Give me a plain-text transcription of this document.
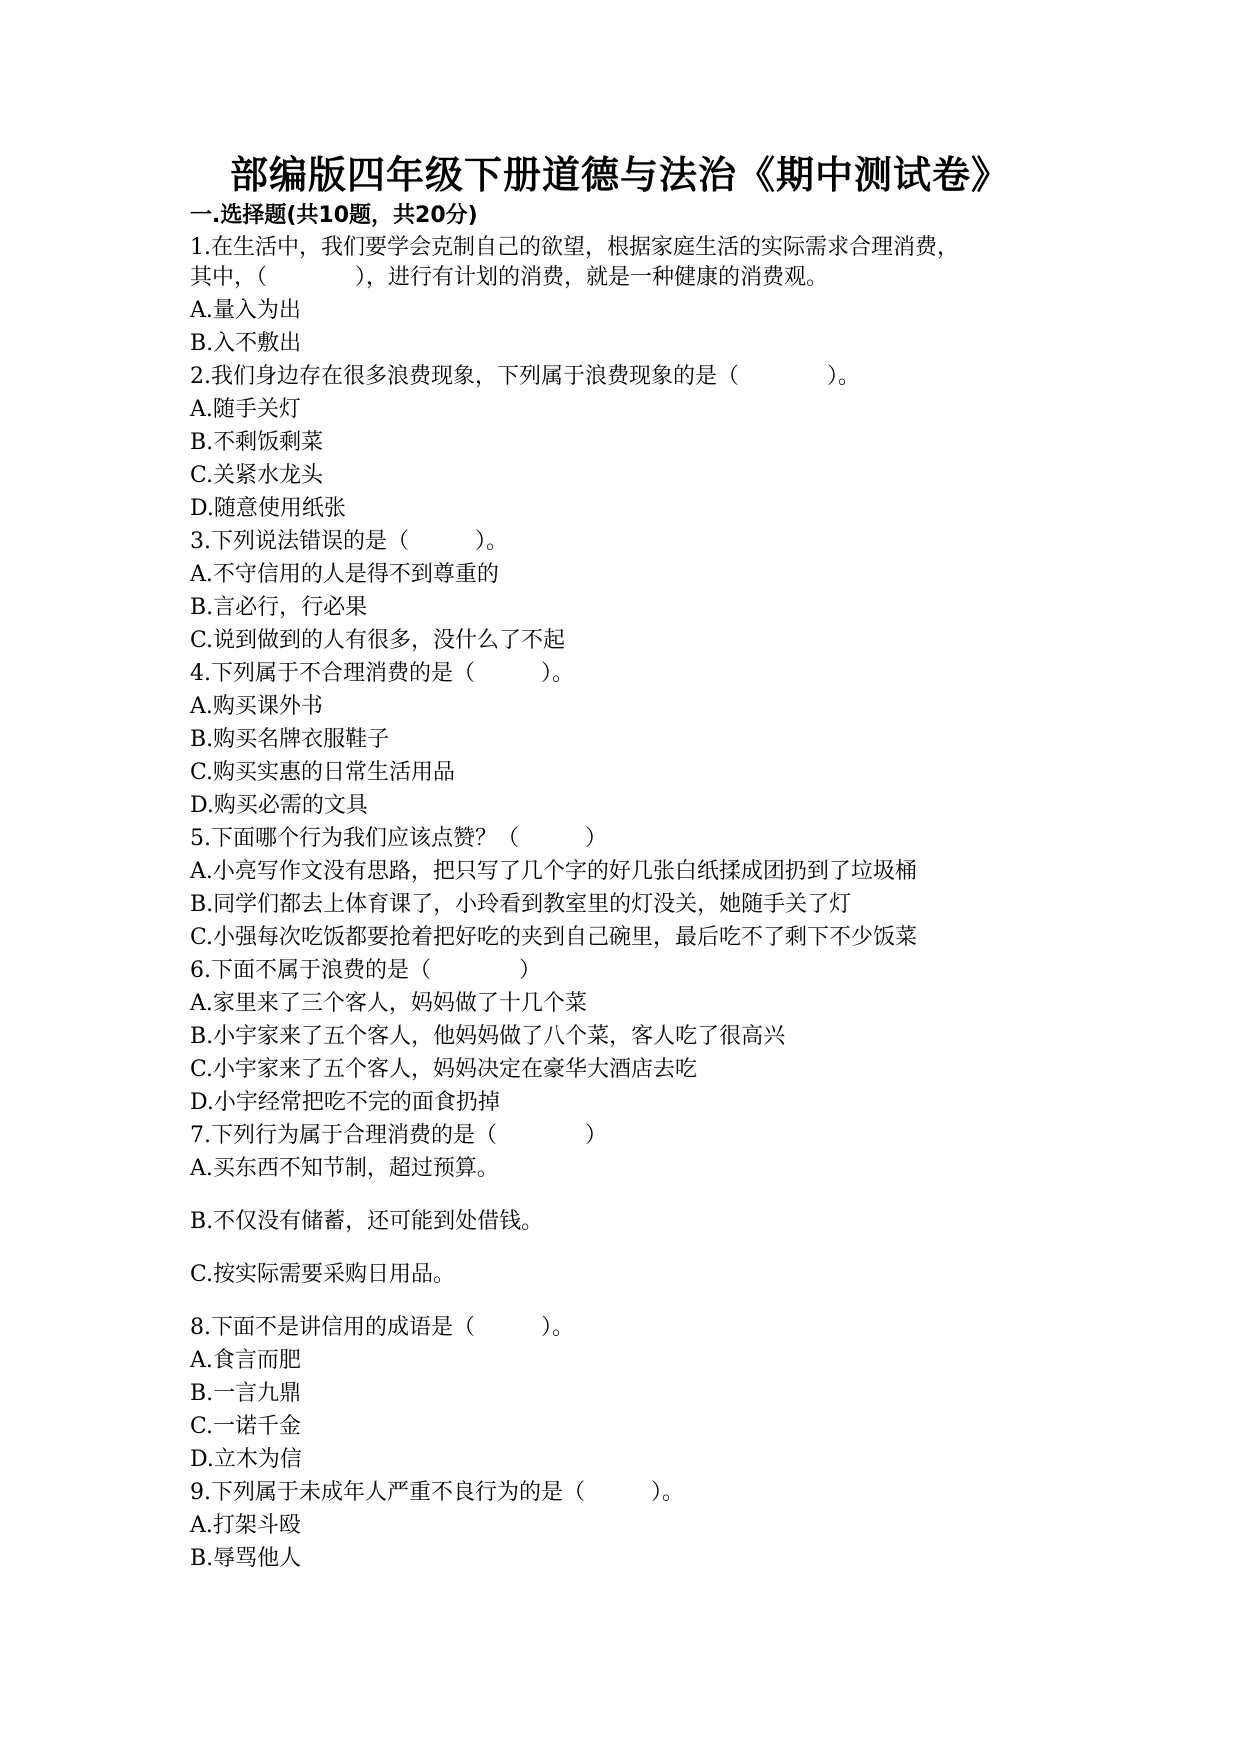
部编版四年级下册道德与法治《期中测试卷》
一.选择题(共10题，共20分)
1.在生活中，我们要学会克制自己的欲望，根据家庭生活的实际需求合理消费，
其中，（　　　　），进行有计划的消费，就是一种健康的消费观。
A.量入为出
B.入不敷出
2.我们身边存在很多浪费现象，下列属于浪费现象的是（　　　　）。
A.随手关灯
B.不剩饭剩菜
C.关紧水龙头
D.随意使用纸张
3.下列说法错误的是（　　　）。
A.不守信用的人是得不到尊重的
B.言必行，行必果
C.说到做到的人有很多，没什么了不起
4.下列属于不合理消费的是（　　　）。
A.购买课外书
B.购买名牌衣服鞋子
C.购买实惠的日常生活用品
D.购买必需的文具
5.下面哪个行为我们应该点赞？（　　　）
A.小亮写作文没有思路，把只写了几个字的好几张白纸揉成团扔到了垃圾桶
B.同学们都去上体育课了，小玲看到教室里的灯没关，她随手关了灯
C.小强每次吃饭都要抢着把好吃的夹到自己碗里，最后吃不了剩下不少饭菜
6.下面不属于浪费的是（　　　　）
A.家里来了三个客人，妈妈做了十几个菜
B.小宇家来了五个客人，他妈妈做了八个菜，客人吃了很高兴
C.小宇家来了五个客人，妈妈决定在豪华大酒店去吃
D.小宇经常把吃不完的面食扔掉
7.下列行为属于合理消费的是（　　　　）
A.买东西不知节制，超过预算。
B.不仅没有储蓄，还可能到处借钱。
C.按实际需要采购日用品。
8.下面不是讲信用的成语是（　　　）。
A.食言而肥
B.一言九鼎
C.一诺千金
D.立木为信
9.下列属于未成年人严重不良行为的是（　　　）。
A.打架斗殴
B.辱骂他人
